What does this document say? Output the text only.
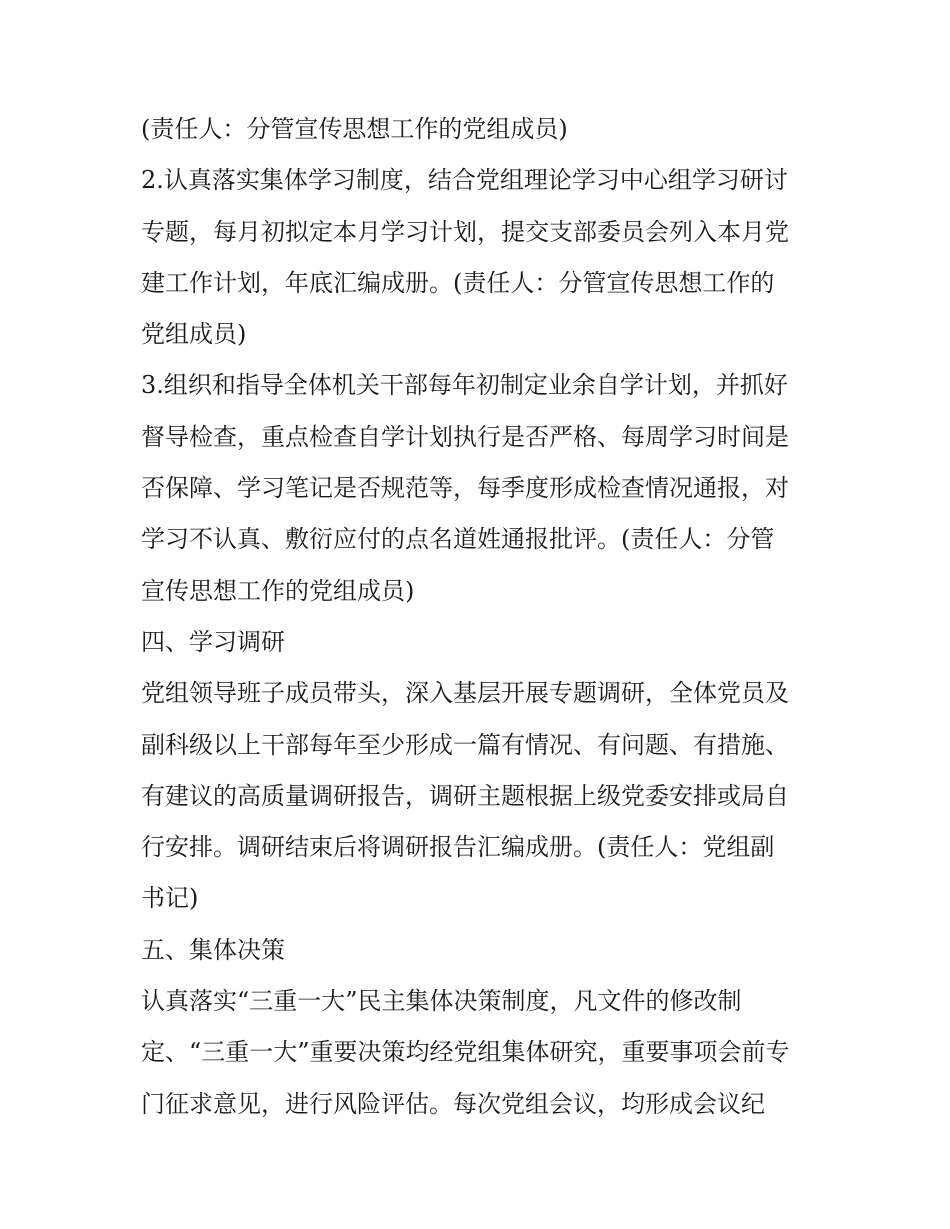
(责任人：分管宣传思想工作的党组成员)

2.认真落实集体学习制度，结合党组理论学习中心组学习研讨

专题，每月初拟定本月学习计划，提交支部委员会列入本月党

建工作计划，年底汇编成册。(责任人：分管宣传思想工作的

党组成员)

3.组织和指导全体机关干部每年初制定业余自学计划，并抓好

督导检查，重点检查自学计划执行是否严格、每周学习时间是

否保障、学习笔记是否规范等，每季度形成检查情况通报，对

学习不认真、敷衍应付的点名道姓通报批评。(责任人：分管

宣传思想工作的党组成员)

四、学习调研

党组领导班子成员带头，深入基层开展专题调研，全体党员及

副科级以上干部每年至少形成一篇有情况、有问题、有措施、

有建议的高质量调研报告，调研主题根据上级党委安排或局自

行安排。调研结束后将调研报告汇编成册。(责任人：党组副

书记)

五、集体决策

认真落实“三重一大”民主集体决策制度，凡文件的修改制

定、“三重一大”重要决策均经党组集体研究，重要事项会前专

门征求意见，进行风险评估。每次党组会议，均形成会议纪
